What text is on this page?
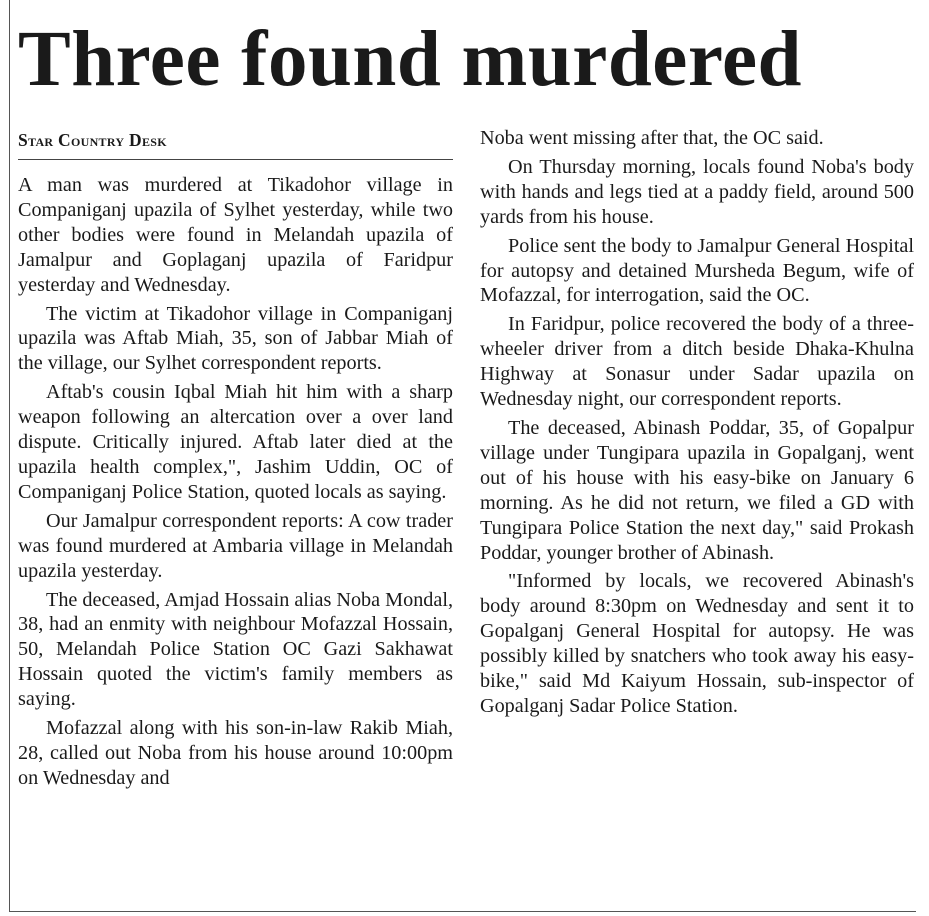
Three found murdered
Star Country Desk

A man was murdered at Tikadohor village in Companiganj upazila of Sylhet yesterday, while two other bodies were found in Melandah upazila of Jamalpur and Goplaganj upazila of Faridpur yesterday and Wednesday.

The victim at Tikadohor village in Companiganj upazila was Aftab Miah, 35, son of Jabbar Miah of the village, our Sylhet correspondent reports.

Aftab's cousin Iqbal Miah hit him with a sharp weapon following an altercation over a over land dispute. Critically injured. Aftab later died at the upazila health complex,", Jashim Uddin, OC of Companiganj Police Station, quoted locals as saying.

Our Jamalpur correspondent reports: A cow trader was found murdered at Ambaria village in Melandah upazila yesterday.

The deceased, Amjad Hossain alias Noba Mondal, 38, had an enmity with neighbour Mofazzal Hossain, 50, Melandah Police Station OC Gazi Sakhawat Hossain quoted the victim's family members as saying.

Mofazzal along with his son-in-law Rakib Miah, 28, called out Noba from his house around 10:00pm on Wednesday and

Noba went missing after that, the OC said.

On Thursday morning, locals found Noba's body with hands and legs tied at a paddy field, around 500 yards from his house.

Police sent the body to Jamalpur General Hospital for autopsy and detained Mursheda Begum, wife of Mofazzal, for interrogation, said the OC.

In Faridpur, police recovered the body of a three-wheeler driver from a ditch beside Dhaka-Khulna Highway at Sonasur under Sadar upazila on Wednesday night, our correspondent reports.

The deceased, Abinash Poddar, 35, of Gopalpur village under Tungipara upazila in Gopalganj, went out of his house with his easy-bike on January 6 morning. As he did not return, we filed a GD with Tungipara Police Station the next day," said Prokash Poddar, younger brother of Abinash.

"Informed by locals, we recovered Abinash's body around 8:30pm on Wednesday and sent it to Gopalganj General Hospital for autopsy. He was possibly killed by snatchers who took away his easy-bike," said Md Kaiyum Hossain, sub-inspector of Gopalganj Sadar Police Station.
